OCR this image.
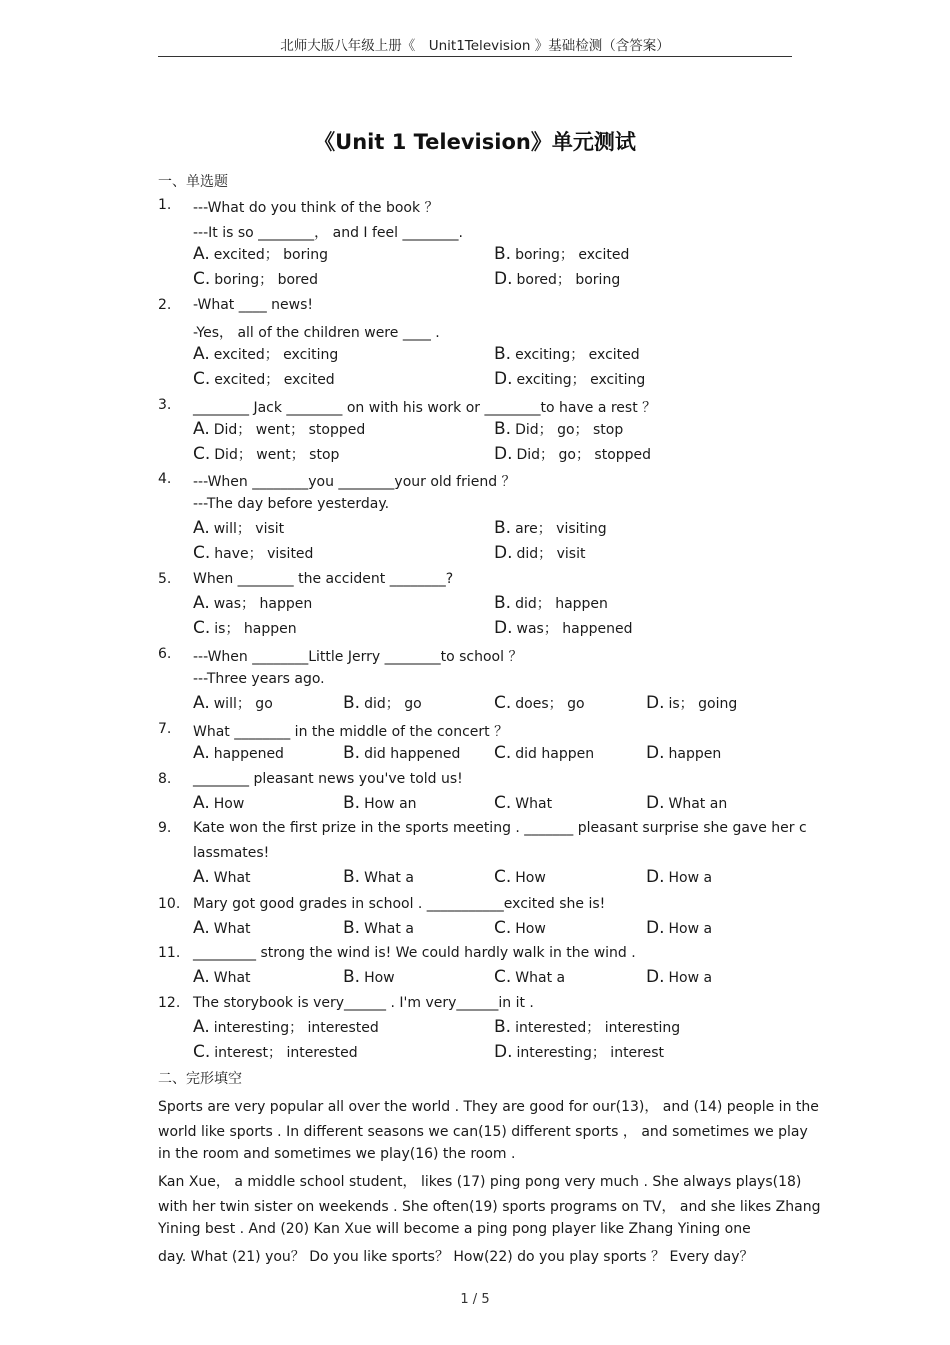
北师大版八年级上册《　Unit1Television 》基础检测（含答案）
《Unit 1 Television》单元测试
一、单选题
1. ---What do you think of the book ？
---It is so ________， and I feel ________.
A. excited； boring	B. boring； excited
C. boring； bored	D. bored； boring
2. -What ____ news!
-Yes， all of the children were ____ .
A. excited； exciting	B. exciting； excited
C. excited； excited	D. exciting； exciting
3. ________ Jack ________ on with his work or ________to have a rest ？
A. Did； went； stopped	B. Did； go； stop
C. Did； went； stop	D. Did； go； stopped
4. ---When ________you ________your old friend ？
---The day before yesterday.
A. will； visit	B. are； visiting
C. have； visited	D. did； visit
5. When ________ the accident ________?
A. was； happen	B. did； happen
C. is； happen	D. was； happened
6. ---When ________Little Jerry ________to school ？
---Three years ago.
A. will； go	B. did； go	C. does； go	D. is； going
7. What ________ in the middle of the concert ？
A. happened	B. did happened C. did happen	D. happen
8. ________ pleasant news you've told us!
A. How	B. How an	C. What	D. What an
9. Kate won the first prize in the sports meeting . _______ pleasant surprise she gave her c
lassmates!
A. What	B. What a	C. How	D. How a
10. Mary got good grades in school . ___________excited she is!
A. What	B. What a	C. How	D. How a
11. _________ strong the wind is! We could hardly walk in the wind .
A. What	B. How	C. What a	D. How a
12. The storybook is very______ . I'm very______in it .
A. interesting； interested	B. interested； interesting
C. interest； interested	D. interesting； interest
二、完形填空
Sports are very popular all over the world . They are good for our(13)， and (14) people in the
world like sports . In different seasons we can(15) different sports ， and sometimes we play
in the room and sometimes we play(16) the room .
Kan Xue， a middle school student， likes (17) ping pong very much . She always plays(18)
with her twin sister on weekends . She often(19) sports programs on TV， and she likes Zhang
Yining best . And (20) Kan Xue will become a ping pong player like Zhang Yining one
day. What (21) you？ Do you like sports？ How(22) do you play sports ？ Every day？
1 / 5
